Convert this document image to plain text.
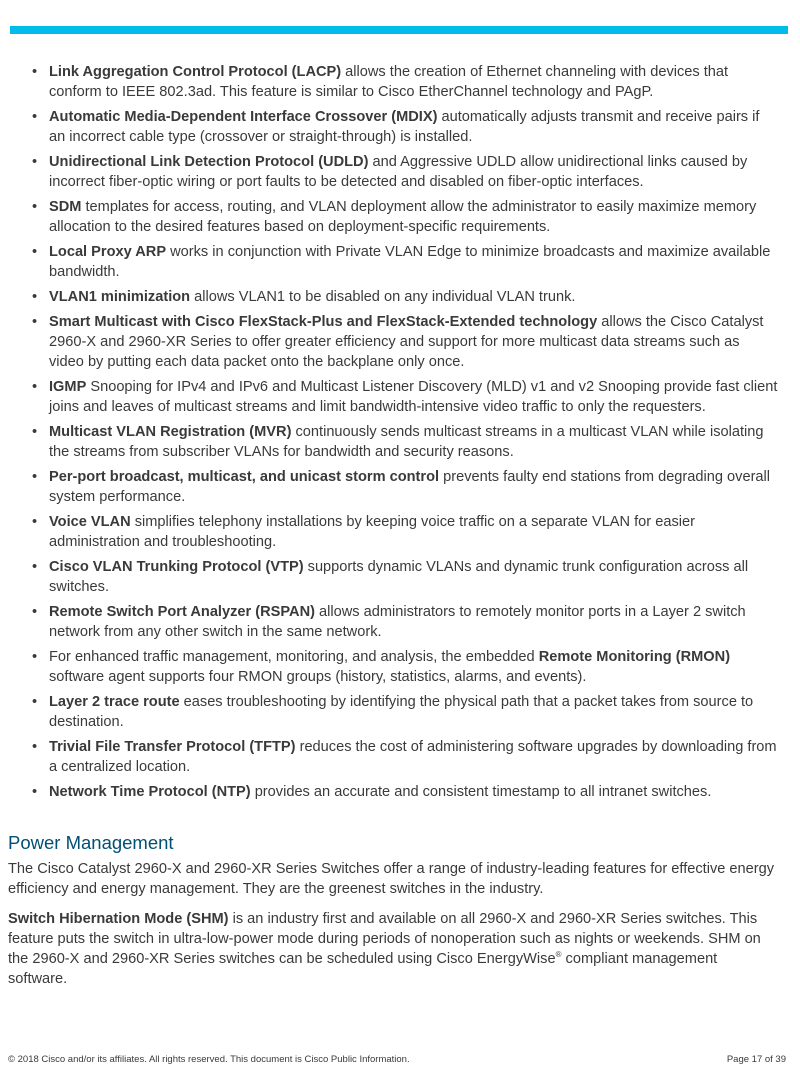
• Link Aggregation Control Protocol (LACP) allows the creation of Ethernet channeling with devices that conform to IEEE 802.3ad. This feature is similar to Cisco EtherChannel technology and PAgP.
• Automatic Media-Dependent Interface Crossover (MDIX) automatically adjusts transmit and receive pairs if an incorrect cable type (crossover or straight-through) is installed.
• Unidirectional Link Detection Protocol (UDLD) and Aggressive UDLD allow unidirectional links caused by incorrect fiber-optic wiring or port faults to be detected and disabled on fiber-optic interfaces.
• SDM templates for access, routing, and VLAN deployment allow the administrator to easily maximize memory allocation to the desired features based on deployment-specific requirements.
• Local Proxy ARP works in conjunction with Private VLAN Edge to minimize broadcasts and maximize available bandwidth.
• VLAN1 minimization allows VLAN1 to be disabled on any individual VLAN trunk.
• Smart Multicast with Cisco FlexStack-Plus and FlexStack-Extended technology allows the Cisco Catalyst 2960-X and 2960-XR Series to offer greater efficiency and support for more multicast data streams such as video by putting each data packet onto the backplane only once.
• IGMP Snooping for IPv4 and IPv6 and Multicast Listener Discovery (MLD) v1 and v2 Snooping provide fast client joins and leaves of multicast streams and limit bandwidth-intensive video traffic to only the requesters.
• Multicast VLAN Registration (MVR) continuously sends multicast streams in a multicast VLAN while isolating the streams from subscriber VLANs for bandwidth and security reasons.
• Per-port broadcast, multicast, and unicast storm control prevents faulty end stations from degrading overall system performance.
• Voice VLAN simplifies telephony installations by keeping voice traffic on a separate VLAN for easier administration and troubleshooting.
• Cisco VLAN Trunking Protocol (VTP) supports dynamic VLANs and dynamic trunk configuration across all switches.
• Remote Switch Port Analyzer (RSPAN) allows administrators to remotely monitor ports in a Layer 2 switch network from any other switch in the same network.
• For enhanced traffic management, monitoring, and analysis, the embedded Remote Monitoring (RMON) software agent supports four RMON groups (history, statistics, alarms, and events).
• Layer 2 trace route eases troubleshooting by identifying the physical path that a packet takes from source to destination.
• Trivial File Transfer Protocol (TFTP) reduces the cost of administering software upgrades by downloading from a centralized location.
• Network Time Protocol (NTP) provides an accurate and consistent timestamp to all intranet switches.
Power Management

The Cisco Catalyst 2960-X and 2960-XR Series Switches offer a range of industry-leading features for effective energy efficiency and energy management. They are the greenest switches in the industry.

Switch Hibernation Mode (SHM) is an industry first and available on all 2960-X and 2960-XR Series switches. This feature puts the switch in ultra-low-power mode during periods of nonoperation such as nights or weekends. SHM on the 2960-X and 2960-XR Series switches can be scheduled using Cisco EnergyWise® compliant management software.

© 2018 Cisco and/or its affiliates. All rights reserved. This document is Cisco Public Information.	Page 17 of 39
